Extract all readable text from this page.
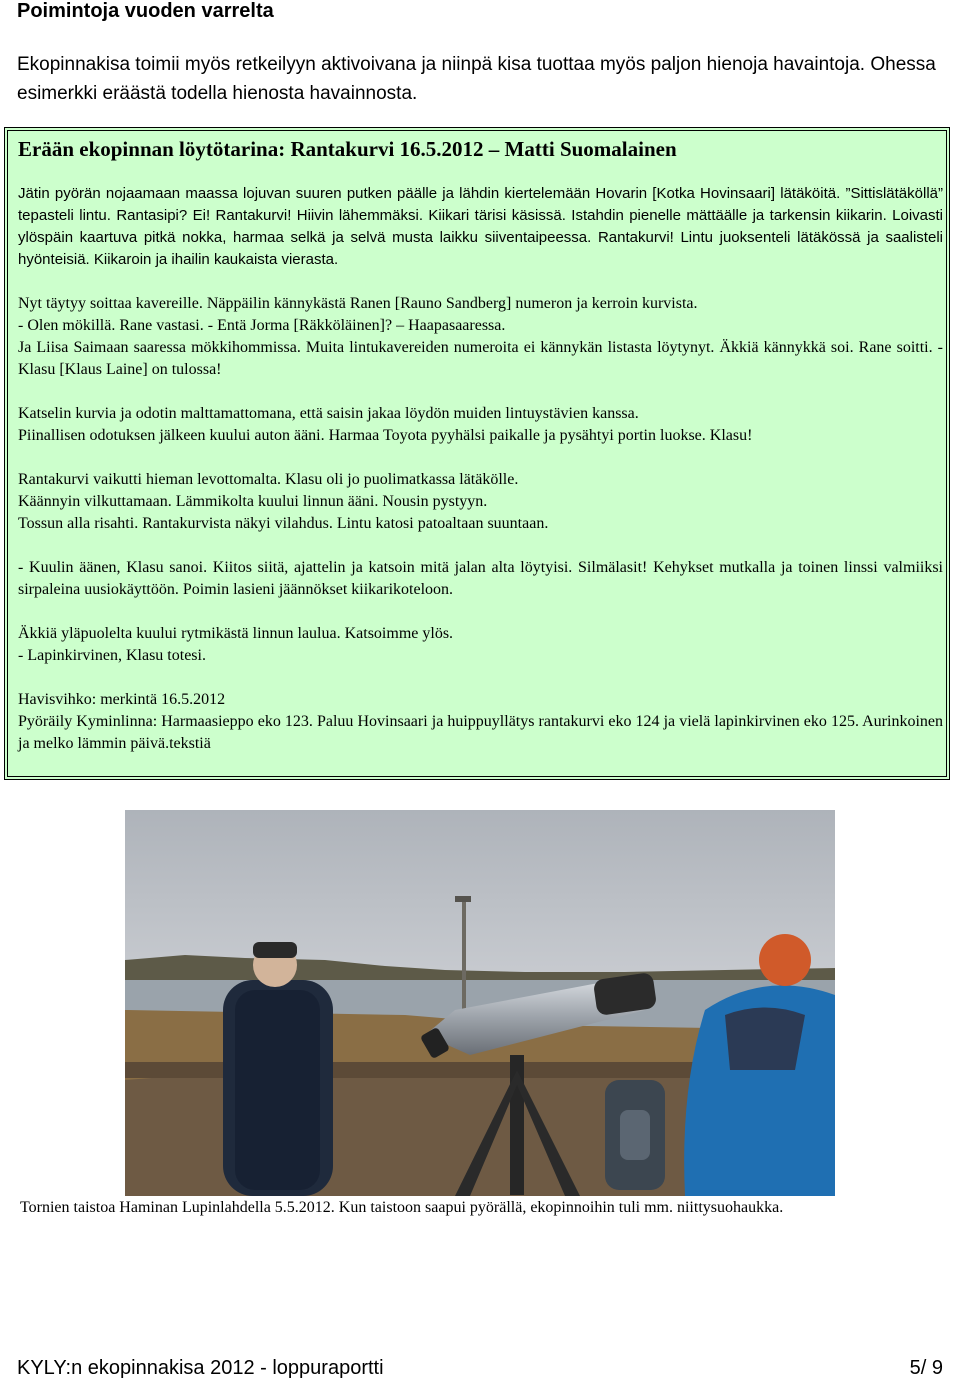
Poimintoja vuoden varrelta

Ekopinnakisa toimii myös retkeilyyn aktivoivana ja niinpä kisa tuottaa myös paljon hienoja havaintoja. Ohessa esimerkki eräästä todella hienosta havainnosta.

Erään ekopinnan löytötarina: Rantakurvi 16.5.2012 – Matti Suomalainen

Jätin pyörän nojaamaan maassa lojuvan suuren putken päälle ja lähdin kiertelemään Hovarin [Kotka Hovinsaari] lätäköitä. ”Sittislätäköllä” tepasteli lintu. Rantasipi? Ei! Rantakurvi! Hiivin lähemmäksi. Kiikari tärisi käsissä. Istahdin pienelle mättäälle ja tarkensin kiikarin. Loivasti ylöspäin kaartuva pitkä nokka, harmaa selkä ja selvä musta laikku siiventaipeessa. Rantakurvi! Lintu juoksenteli lätäkössä ja saalisteli hyönteisiä. Kiikaroin ja ihailin kaukaista vierasta.

Nyt täytyy soittaa kavereille. Näppäilin kännykästä Ranen [Rauno Sandberg] numeron ja kerroin kurvista.
- Olen mökillä. Rane vastasi. - Entä Jorma [Räkköläinen]? – Haapasaaressa.
Ja Liisa Saimaan saaressa mökkihommissa. Muita lintukavereiden numeroita ei kännykän listasta löytynyt. Äkkiä kännykkä soi. Rane soitti. - Klasu [Klaus Laine] on tulossa!

Katselin kurvia ja odotin malttamattomana, että saisin jakaa löydön muiden lintuystävien kanssa.
Piinallisen odotuksen jälkeen kuului auton ääni. Harmaa Toyota pyyhälsi paikalle ja pysähtyi portin luokse. Klasu!

Rantakurvi vaikutti hieman levottomalta. Klasu oli jo puolimatkassa lätäkölle.
Käännyin vilkuttamaan. Lämmikolta kuului linnun ääni. Nousin pystyyn.
Tossun alla risahti. Rantakurvista näkyi vilahdus. Lintu katosi patoaltaan suuntaan.

- Kuulin äänen, Klasu sanoi. Kiitos siitä, ajattelin ja katsoin mitä jalan alta löytyisi. Silmälasit! Kehykset mutkalla ja toinen linssi valmiiksi sirpaleina uusiokäyttöön. Poimin lasieni jäännökset kiikarikoteloon.

Äkkiä yläpuolelta kuului rytmikästä linnun laulua. Katsoimme ylös.
- Lapinkirvinen, Klasu totesi.

Havisvihko: merkintä 16.5.2012
Pyöräily Kyminlinna: Harmaasieppo eko 123. Paluu Hovinsaari ja huippuyllätys rantakurvi eko 124 ja vielä lapinkirvinen eko 125. Aurinkoinen ja melko lämmin päivä.tekstiä

Tornien taistoa Haminan Lupinlahdella 5.5.2012. Kun taistoon saapui pyörällä, ekopinnoihin tuli mm. niittysuohaukka.

KYLY:n ekopinnakisa 2012 - loppuraportti	5/ 9
